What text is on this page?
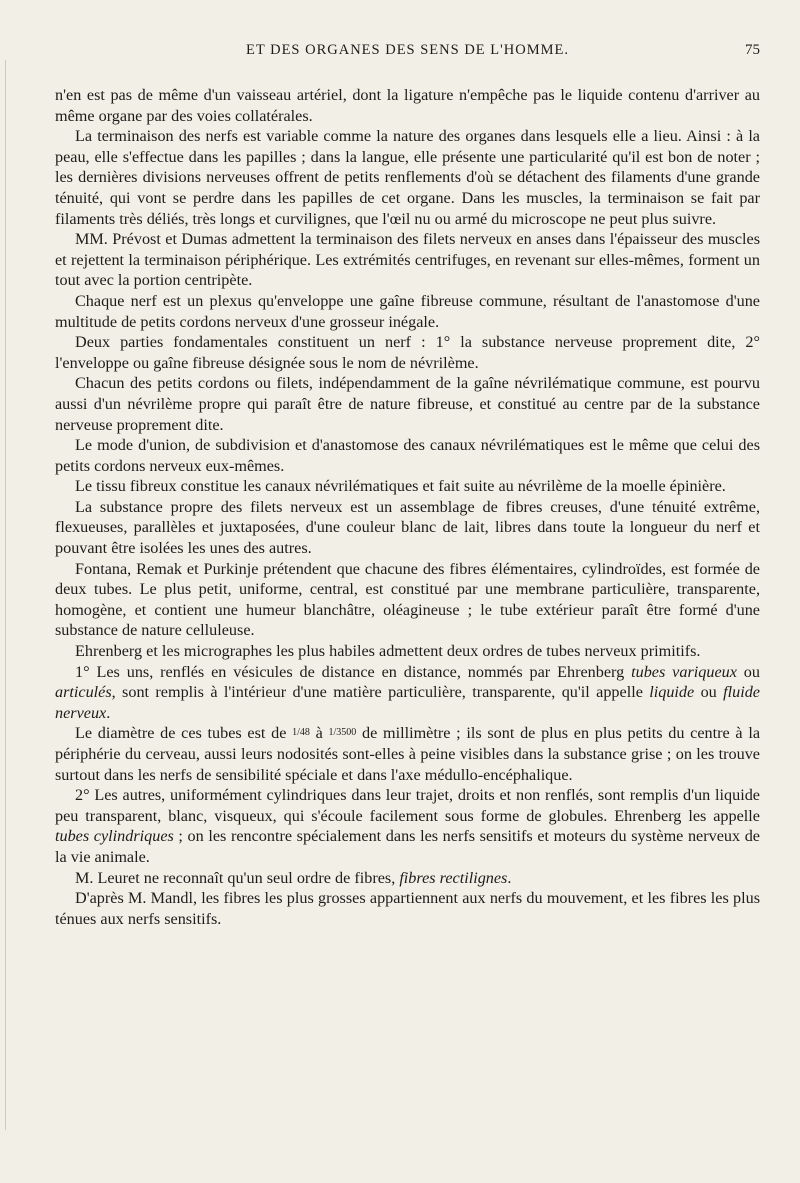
ET DES ORGANES DES SENS DE L'HOMME.	75

n'en est pas de même d'un vaisseau artériel, dont la ligature n'empêche pas le liquide contenu d'arriver au même organe par des voies collatérales.

La terminaison des nerfs est variable comme la nature des organes dans lesquels elle a lieu. Ainsi : à la peau, elle s'effectue dans les papilles ; dans la langue, elle présente une particularité qu'il est bon de noter ; les dernières divisions nerveuses offrent de petits renflements d'où se détachent des filaments d'une grande ténuité, qui vont se perdre dans les papilles de cet organe. Dans les muscles, la terminaison se fait par filaments très déliés, très longs et curvilignes, que l'œil nu ou armé du microscope ne peut plus suivre.

MM. Prévost et Dumas admettent la terminaison des filets nerveux en anses dans l'épaisseur des muscles et rejettent la terminaison périphérique. Les extrémités centrifuges, en revenant sur elles-mêmes, forment un tout avec la portion centripète.

Chaque nerf est un plexus qu'enveloppe une gaîne fibreuse commune, résultant de l'anastomose d'une multitude de petits cordons nerveux d'une grosseur inégale.

Deux parties fondamentales constituent un nerf : 1° la substance nerveuse proprement dite, 2° l'enveloppe ou gaîne fibreuse désignée sous le nom de névrilème.

Chacun des petits cordons ou filets, indépendamment de la gaîne névrilématique commune, est pourvu aussi d'un névrilème propre qui paraît être de nature fibreuse, et constitué au centre par de la substance nerveuse proprement dite.

Le mode d'union, de subdivision et d'anastomose des canaux névrilématiques est le même que celui des petits cordons nerveux eux-mêmes.

Le tissu fibreux constitue les canaux névrilématiques et fait suite au névrilème de la moelle épinière.

La substance propre des filets nerveux est un assemblage de fibres creuses, d'une ténuité extrême, flexueuses, parallèles et juxtaposées, d'une couleur blanc de lait, libres dans toute la longueur du nerf et pouvant être isolées les unes des autres.

Fontana, Remak et Purkinje prétendent que chacune des fibres élémentaires, cylindroïdes, est formée de deux tubes. Le plus petit, uniforme, central, est constitué par une membrane particulière, transparente, homogène, et contient une humeur blanchâtre, oléagineuse ; le tube extérieur paraît être formé d'une substance de nature celluleuse.

Ehrenberg et les micrographes les plus habiles admettent deux ordres de tubes nerveux primitifs.

1° Les uns, renflés en vésicules de distance en distance, nommés par Ehrenberg tubes variqueux ou articulés, sont remplis à l'intérieur d'une matière particulière, transparente, qu'il appelle liquide ou fluide nerveux.

Le diamètre de ces tubes est de 1/48 à 1/3500 de millimètre ; ils sont de plus en plus petits du centre à la périphérie du cerveau, aussi leurs nodosités sont-elles à peine visibles dans la substance grise ; on les trouve surtout dans les nerfs de sensibilité spéciale et dans l'axe médullo-encéphalique.

2° Les autres, uniformément cylindriques dans leur trajet, droits et non renflés, sont remplis d'un liquide peu transparent, blanc, visqueux, qui s'écoule facilement sous forme de globules. Ehrenberg les appelle tubes cylindriques ; on les rencontre spécialement dans les nerfs sensitifs et moteurs du système nerveux de la vie animale.

M. Leuret ne reconnaît qu'un seul ordre de fibres, fibres rectilignes.

D'après M. Mandl, les fibres les plus grosses appartiennent aux nerfs du mouvement, et les fibres les plus ténues aux nerfs sensitifs.
